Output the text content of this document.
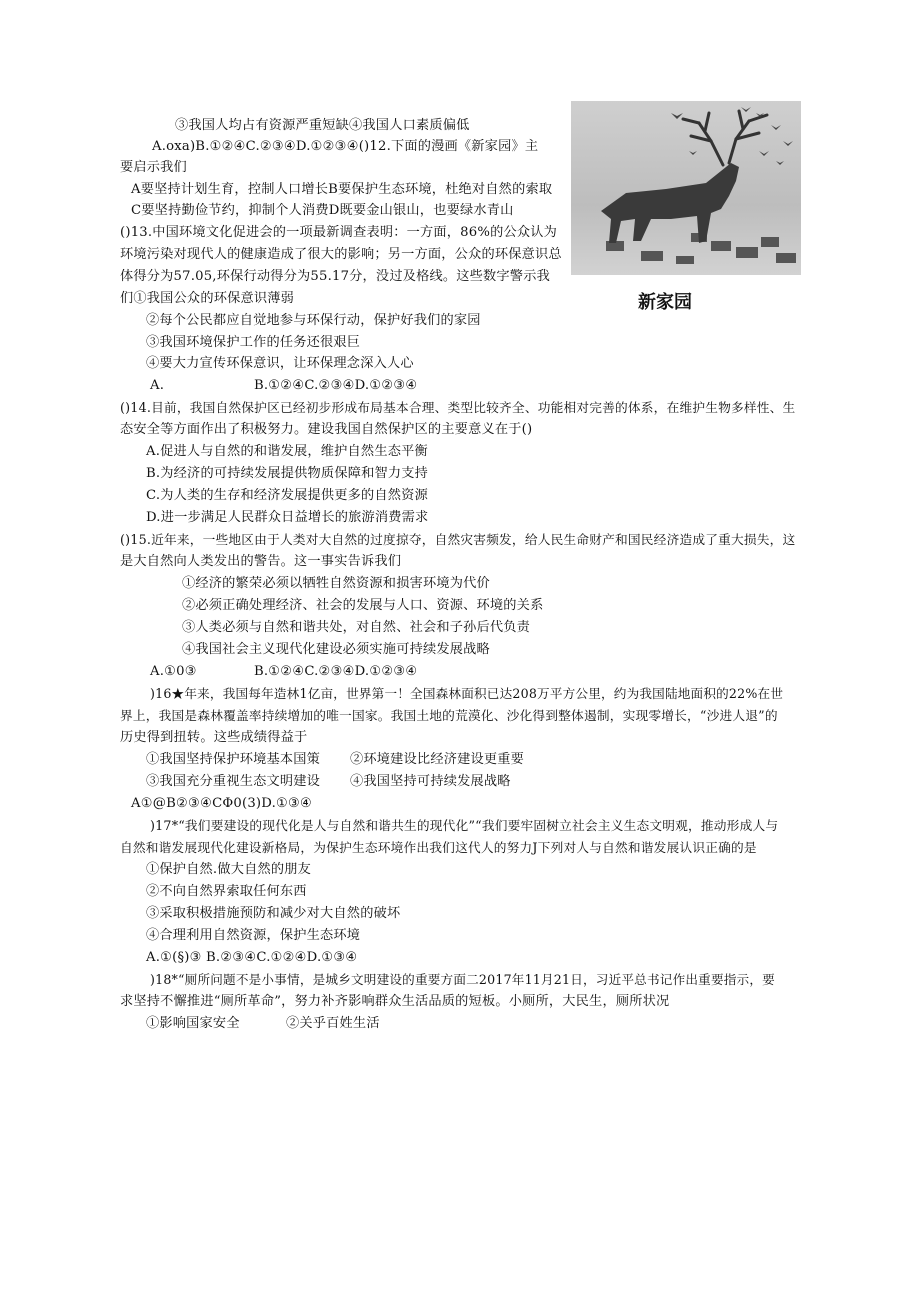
新家园
③我国人均占有资源严重短缺④我国人口素质偏低
A.oxa)B.①②④C.②③④D.①②③④()12.下面的漫画《新家园》主
要启示我们
A要坚持计划生育，控制人口增长B要保护生态环境，杜绝对自然的索取
C要坚持勤俭节约，抑制个人消费D既要金山银山，也要绿水青山
()13.中国环境文化促进会的一项最新调查表明：一方面，86%的公众认为
环境污染对现代人的健康造成了很大的影响；另一方面，公众的环保意识总
体得分为57.05,环保行动得分为55.17分，没过及格线。这些数字警示我
们①我国公众的环保意识薄弱
②每个公民都应自觉地参与环保行动，保护好我们的家园
③我国环境保护工作的任务还很艰巨
④要大力宣传环保意识，让环保理念深入人心
A.	B.①②④C.②③④D.①②③④
()14.目前，我国自然保护区已经初步形成布局基本合理、类型比较齐全、功能相对完善的体系，在维护生物多样性、生
态安全等方面作出了积极努力。建设我国自然保护区的主要意义在于()
A.促进人与自然的和谐发展，维护自然生态平衡
B.为经济的可持续发展提供物质保障和智力支持
C.为人类的生存和经济发展提供更多的自然资源
D.进一步满足人民群众日益增长的旅游消费需求
()15.近年来，一些地区由于人类对大自然的过度掠夺，自然灾害频发，给人民生命财产和国民经济造成了重大损失，这
是大自然向人类发出的警告。这一事实告诉我们
①经济的繁荣必须以牺牲自然资源和损害环境为代价
②必须正确处理经济、社会的发展与人口、资源、环境的关系
③人类必须与自然和谐共处，对自然、社会和子孙后代负责
④我国社会主义现代化建设必须实施可持续发展战略
A.①0③	B.①②④C.②③④D.①②③④
)16★年来，我国每年造林1亿亩，世界第一！全国森林面积已达208万平方公里，约为我国陆地面积的22%在世
界上，我国是森林覆盖率持续增加的唯一国家。我国土地的荒漠化、沙化得到整体遏制，实现零增长，“沙进人退”的
历史得到扭转。这些成绩得益于
①我国坚持保护环境基本国策 ②环境建设比经济建设更重要
③我国充分重视生态文明建设 ④我国坚持可持续发展战略
A①@B②③④CΦ0(3)D.①③④
)17*“我们要建设的现代化是人与自然和谐共生的现代化”“我们要牢固树立社会主义生态文明观，推动形成人与
自然和谐发展现代化建设新格局，为保护生态环境作出我们这代人的努力J下列对人与自然和谐发展认识正确的是
①保护自然.做大自然的朋友
②不向自然界索取任何东西
③采取积极措施预防和减少对大自然的破坏
④合理利用自然资源，保护生态环境
A.①(§)③ B.②③④C.①②④D.①③④
)18*“厕所问题不是小事情，是城乡文明建设的重要方面二2017年11月21日，习近平总书记作出重要指示，要
求坚持不懈推进“厕所革命”，努力补齐影响群众生活品质的短板。小厕所，大民生，厕所状况
①影响国家安全	②关乎百姓生活
